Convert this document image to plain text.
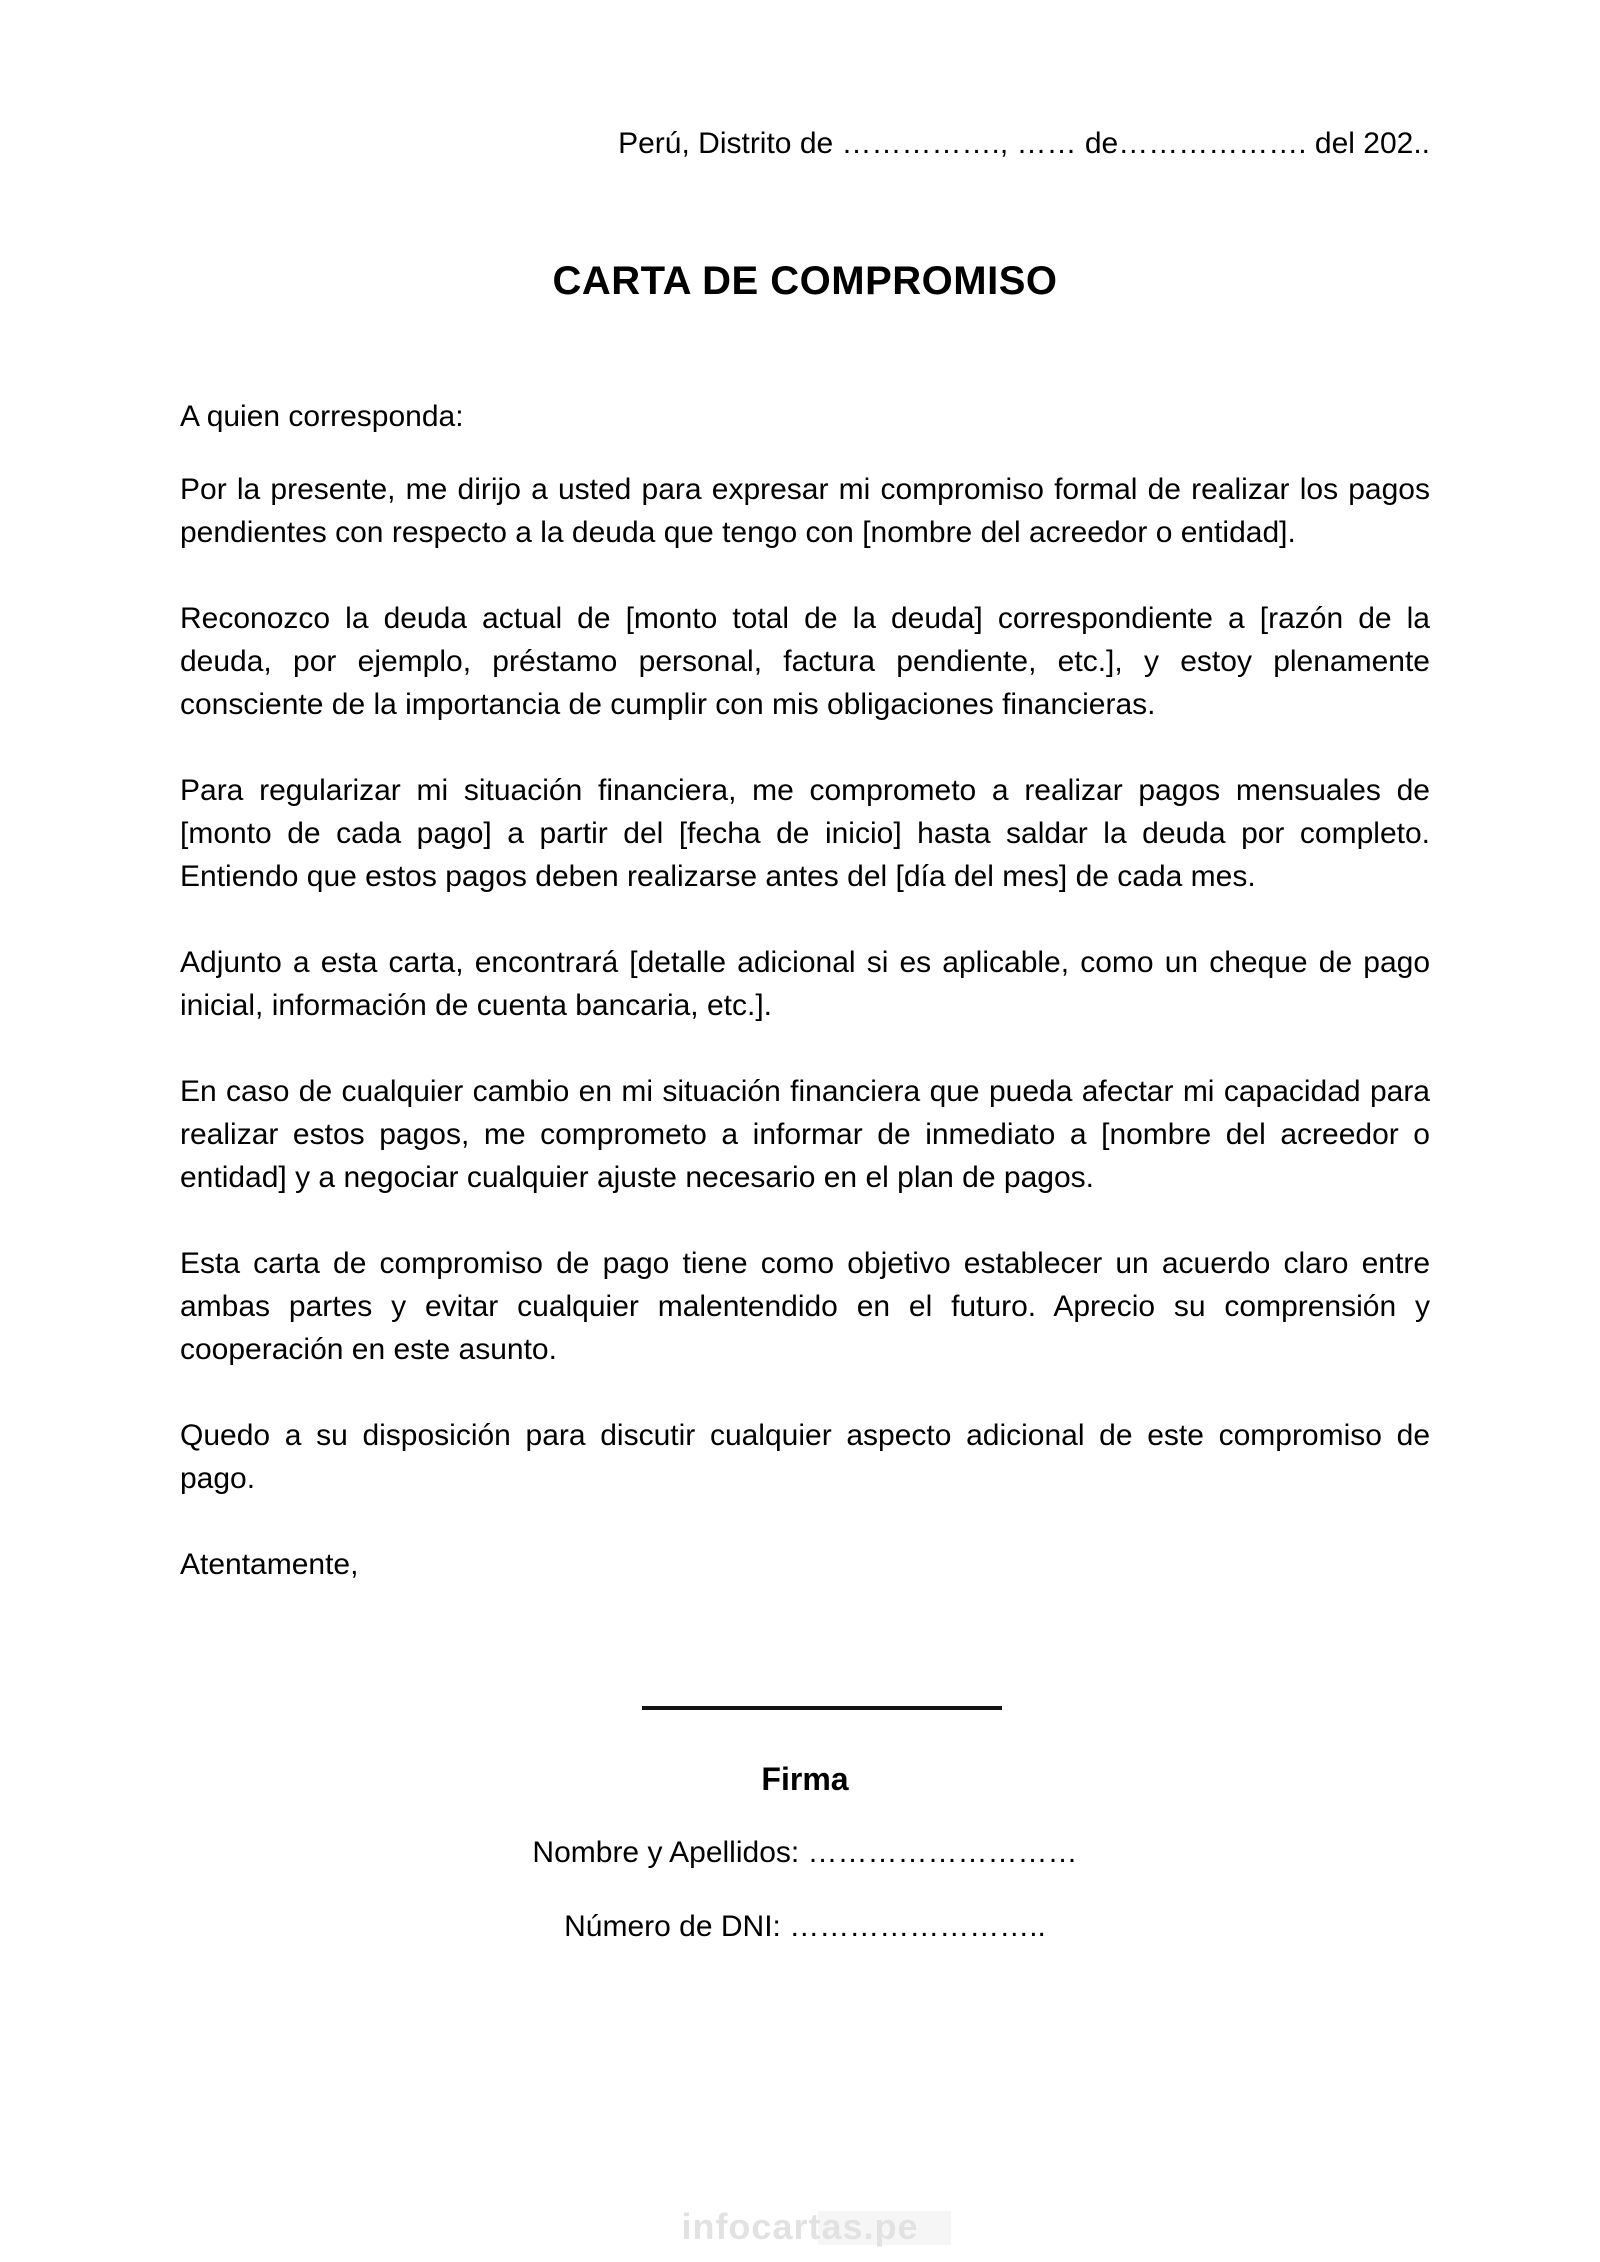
Perú, Distrito de ……………., …… de………………. del 202..
CARTA DE COMPROMISO
A quien corresponda:

Por la presente, me dirijo a usted para expresar mi compromiso formal de realizar los pagos pendientes con respecto a la deuda que tengo con [nombre del acreedor o entidad].

Reconozco la deuda actual de [monto total de la deuda] correspondiente a [razón de la deuda, por ejemplo, préstamo personal, factura pendiente, etc.], y estoy plenamente consciente de la importancia de cumplir con mis obligaciones financieras.

Para regularizar mi situación financiera, me comprometo a realizar pagos mensuales de [monto de cada pago] a partir del [fecha de inicio] hasta saldar la deuda por completo. Entiendo que estos pagos deben realizarse antes del [día del mes] de cada mes.

Adjunto a esta carta, encontrará [detalle adicional si es aplicable, como un cheque de pago inicial, información de cuenta bancaria, etc.].

En caso de cualquier cambio en mi situación financiera que pueda afectar mi capacidad para realizar estos pagos, me comprometo a informar de inmediato a [nombre del acreedor o entidad] y a negociar cualquier ajuste necesario en el plan de pagos.

Esta carta de compromiso de pago tiene como objetivo establecer un acuerdo claro entre ambas partes y evitar cualquier malentendido en el futuro. Aprecio su comprensión y cooperación en este asunto.

Quedo a su disposición para discutir cualquier aspecto adicional de este compromiso de pago.

Atentamente,
Firma
Nombre y Apellidos: ………………………
Número de DNI: ……………………..
infocartas.pe
